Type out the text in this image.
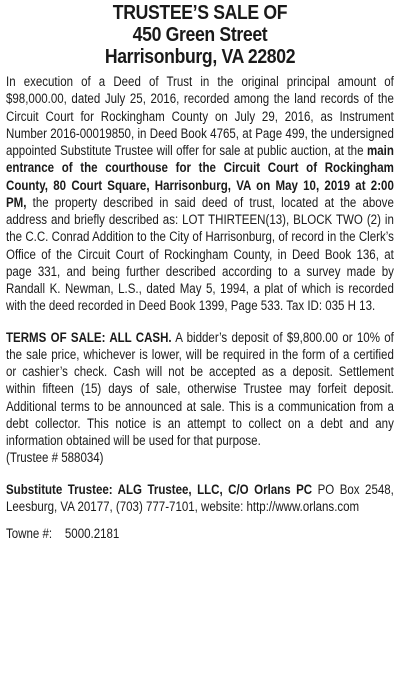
TRUSTEE’S SALE OF
450 Green Street
Harrisonburg, VA 22802

In execution of a Deed of Trust in the original principal amount of $98,000.00, dated July 25, 2016, recorded among the land records of the Circuit Court for Rockingham County on July 29, 2016, as Instrument Number 2016-00019850, in Deed Book 4765, at Page 499, the undersigned appointed Substitute Trustee will offer for sale at public auction, at the main entrance of the courthouse for the Circuit Court of Rockingham County, 80 Court Square, Harrisonburg, VA on May 10, 2019 at 2:00 PM, the property described in said deed of trust, located at the above address and briefly described as: LOT THIRTEEN(13), BLOCK TWO (2) in the C.C. Conrad Addition to the City of Harrisonburg, of record in the Clerk’s Office of the Circuit Court of Rockingham County, in Deed Book 136, at page 331, and being further described according to a survey made by Randall K. Newman, L.S., dated May 5, 1994, a plat of which is recorded with the deed recorded in Deed Book 1399, Page 533. Tax ID: 035 H 13.

TERMS OF SALE: ALL CASH. A bidder’s deposit of $9,800.00 or 10% of the sale price, whichever is lower, will be required in the form of a certified or cashier’s check. Cash will not be accepted as a deposit. Settlement within fifteen (15) days of sale, otherwise Trustee may forfeit deposit. Additional terms to be announced at sale. This is a communication from a debt collector. This notice is an attempt to collect on a debt and any information obtained will be used for that purpose.

(Trustee # 588034)

Substitute Trustee: ALG Trustee, LLC, C/O Orlans PC PO Box 2548, Leesburg, VA 20177, (703) 777-7101, website: http://www.orlans.com

Towne #:    5000.2181
